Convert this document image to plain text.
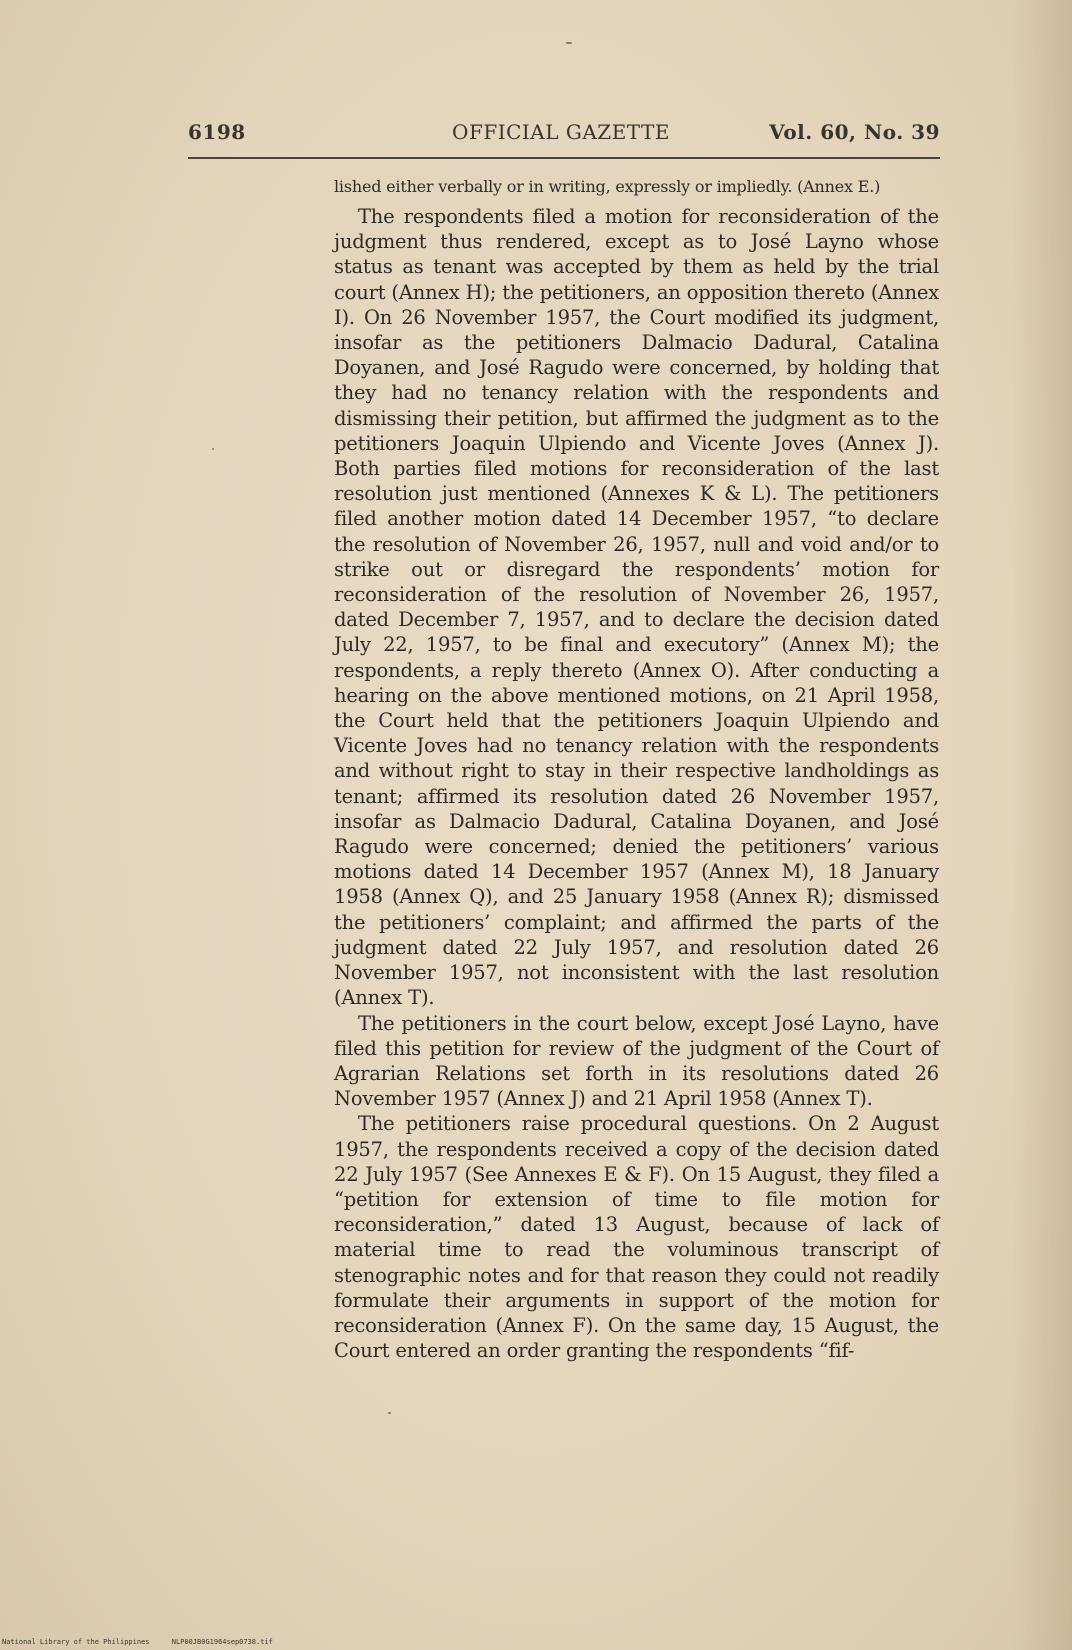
6198	OFFICIAL GAZETTE	Vol. 60, No. 39

lished either verbally or in writing, expressly or impliedly. (Annex E.)

The respondents filed a motion for reconsideration of the judgment thus rendered, except as to José Layno whose status as tenant was accepted by them as held by the trial court (Annex H); the petitioners, an opposition thereto (Annex I). On 26 November 1957, the Court modified its judgment, insofar as the petitioners Dalmacio Dadural, Catalina Doyanen, and José Ragudo were concerned, by holding that they had no tenancy relation with the respondents and dismissing their petition, but affirmed the judgment as to the petitioners Joaquin Ulpiendo and Vicente Joves (Annex J). Both parties filed motions for reconsideration of the last resolution just mentioned (Annexes K & L). The petitioners filed another motion dated 14 December 1957, “to declare the resolution of November 26, 1957, null and void and/or to strike out or disregard the respondents’ motion for reconsideration of the resolution of November 26, 1957, dated December 7, 1957, and to declare the decision dated July 22, 1957, to be final and executory” (Annex M); the respondents, a reply thereto (Annex O). After conducting a hearing on the above mentioned motions, on 21 April 1958, the Court held that the petitioners Joaquin Ulpiendo and Vicente Joves had no tenancy relation with the respondents and without right to stay in their respective landholdings as tenant; affirmed its resolution dated 26 November 1957, insofar as Dalmacio Dadural, Catalina Doyanen, and José Ragudo were concerned; denied the petitioners’ various motions dated 14 December 1957 (Annex M), 18 January 1958 (Annex Q), and 25 January 1958 (Annex R); dismissed the petitioners’ complaint; and affirmed the parts of the judgment dated 22 July 1957, and resolution dated 26 November 1957, not inconsistent with the last resolution (Annex T).

The petitioners in the court below, except José Layno, have filed this petition for review of the judgment of the Court of Agrarian Relations set forth in its resolutions dated 26 November 1957 (Annex J) and 21 April 1958 (Annex T).

The petitioners raise procedural questions. On 2 August 1957, the respondents received a copy of the decision dated 22 July 1957 (See Annexes E & F). On 15 August, they filed a “petition for extension of time to file motion for reconsideration,” dated 13 August, because of lack of material time to read the voluminous transcript of stenographic notes and for that reason they could not readily formulate their arguments in support of the motion for reconsideration (Annex F). On the same day, 15 August, the Court entered an order granting the respondents “fif-

National Library of the Philippines	NLP00JB0G1964sep0738.tif
